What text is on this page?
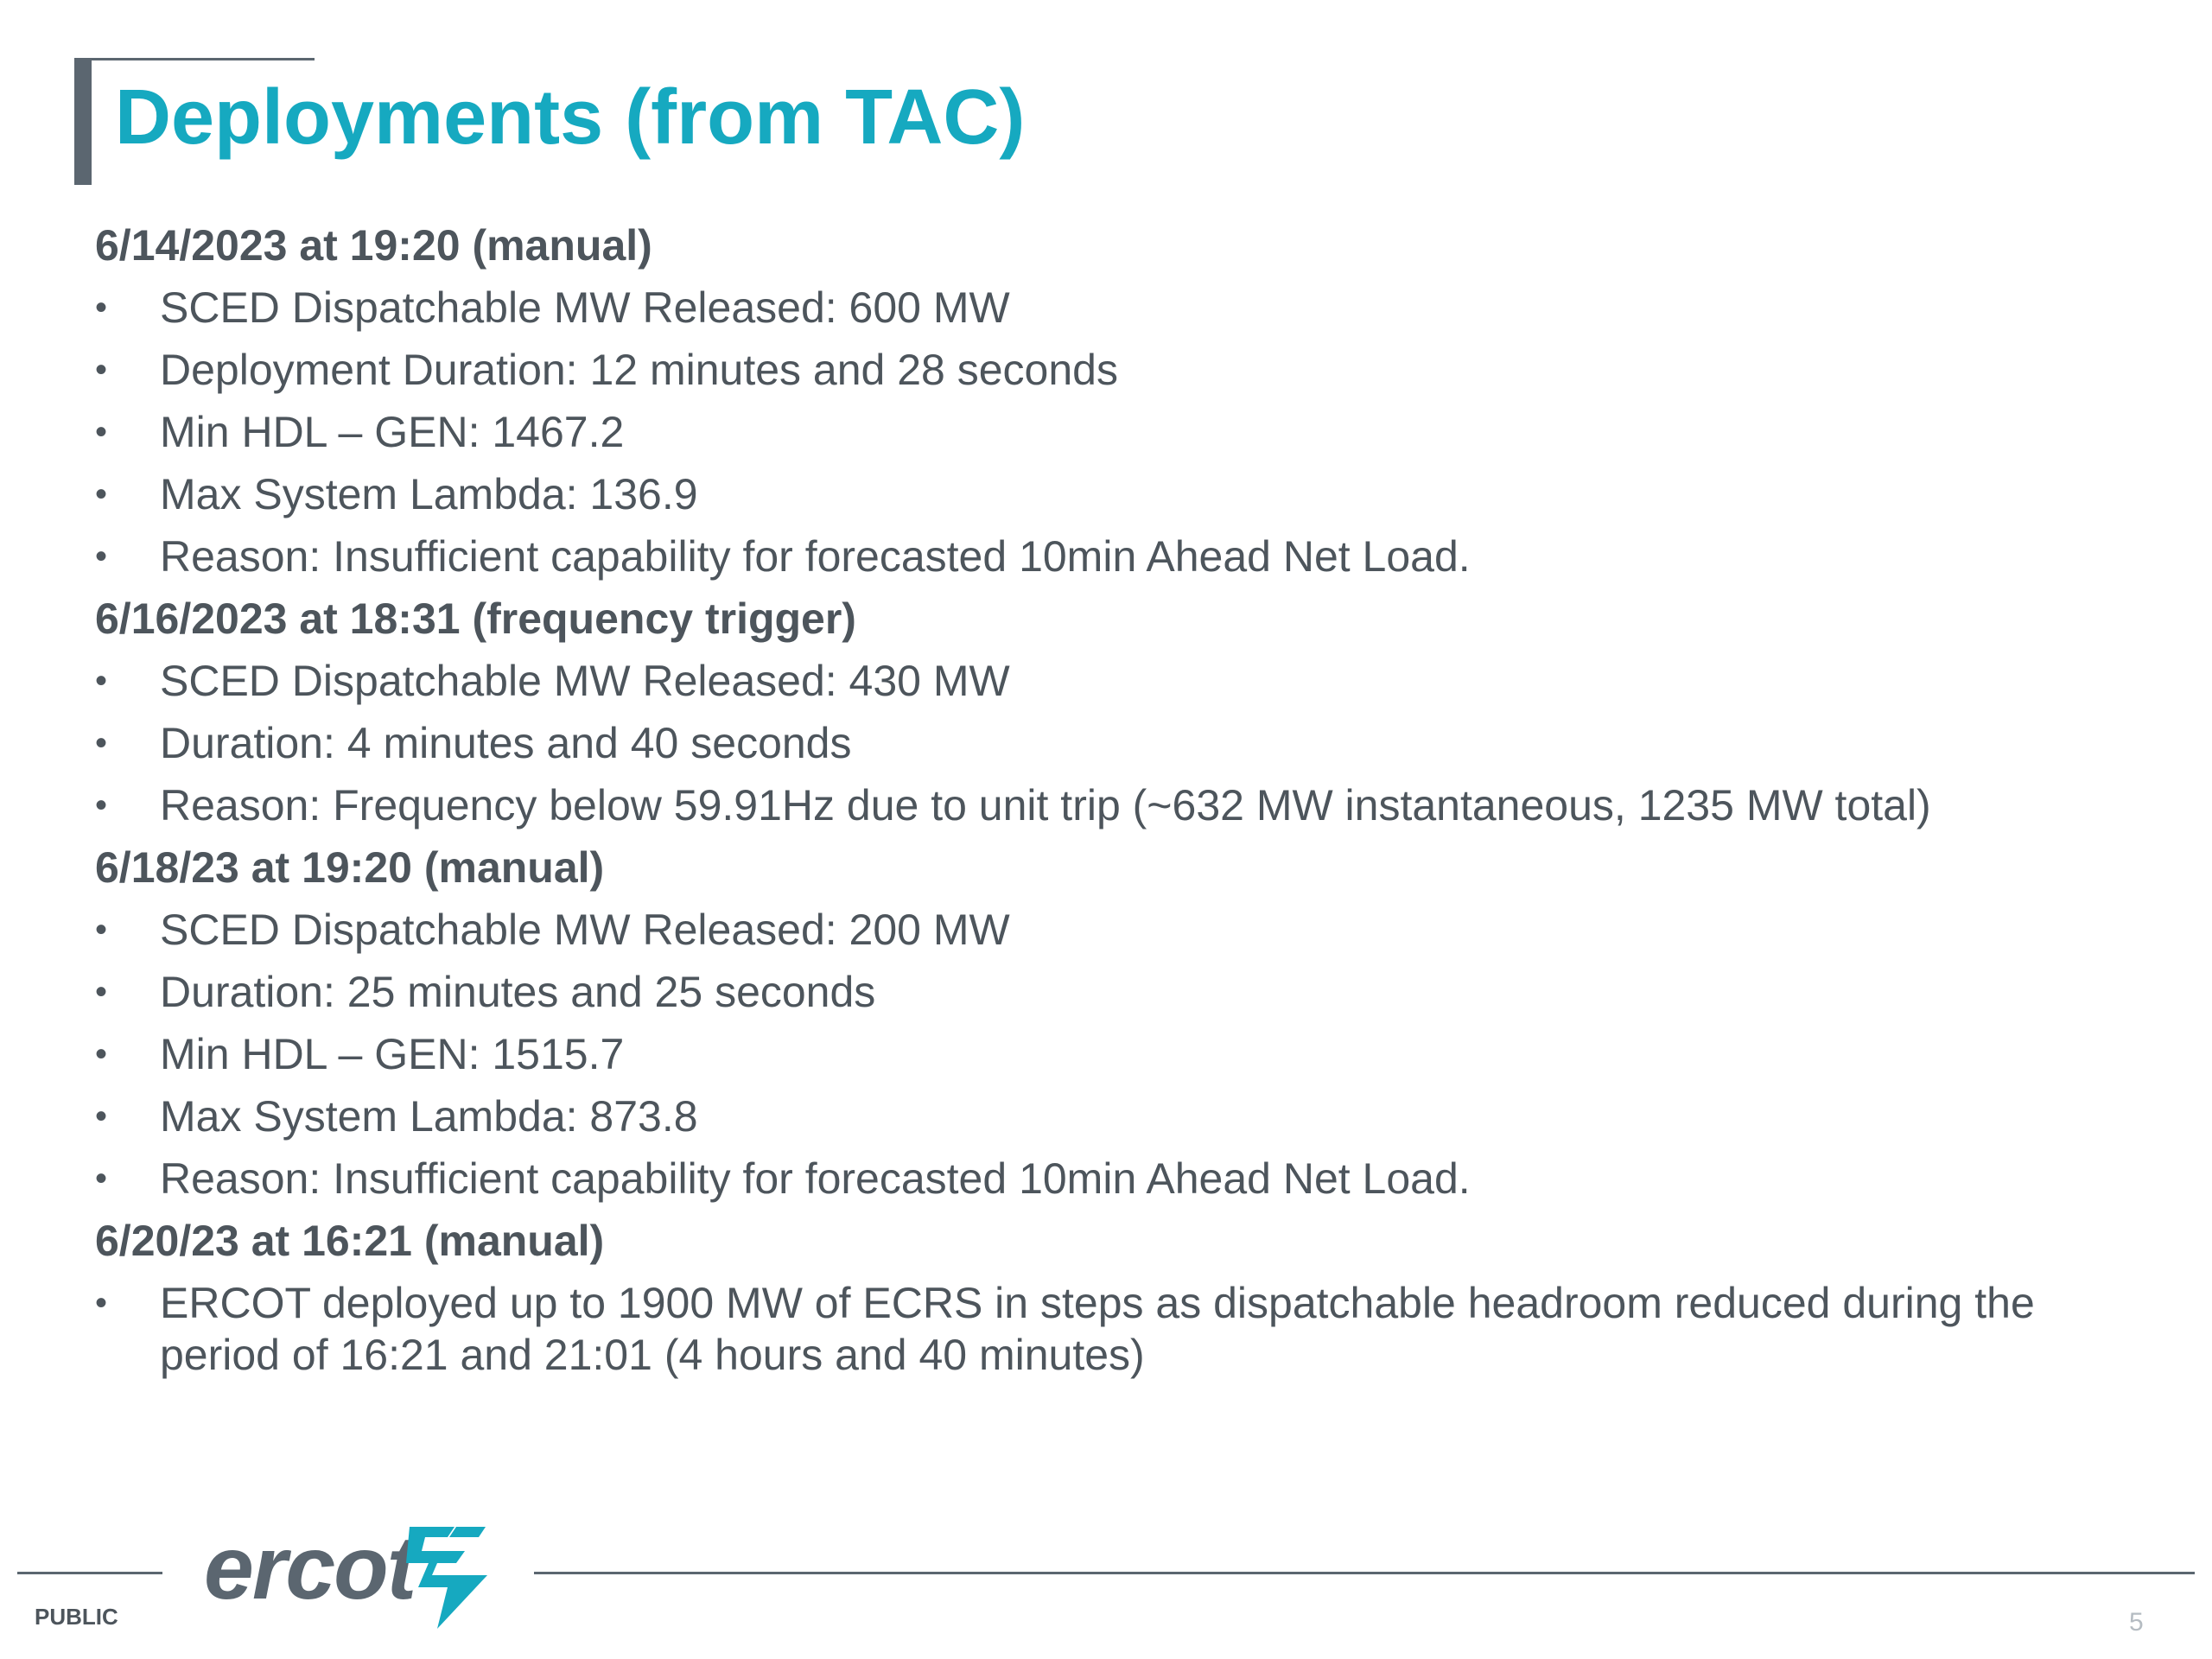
Deployments (from TAC)
6/14/2023 at 19:20 (manual)
• SCED Dispatchable MW Released: 600 MW
• Deployment Duration: 12 minutes and 28 seconds
• Min HDL – GEN: 1467.2
• Max System Lambda: 136.9
• Reason: Insufficient capability for forecasted 10min Ahead Net Load.
6/16/2023 at 18:31 (frequency trigger)
• SCED Dispatchable MW Released: 430 MW
• Duration: 4 minutes and 40 seconds
• Reason: Frequency below 59.91Hz due to unit trip (~632 MW instantaneous, 1235 MW total)
6/18/23 at 19:20 (manual)
• SCED Dispatchable MW Released: 200 MW
• Duration: 25 minutes and 25 seconds
• Min HDL – GEN: 1515.7
• Max System Lambda: 873.8
• Reason: Insufficient capability for forecasted 10min Ahead Net Load.
6/20/23 at 16:21 (manual)
• ERCOT deployed up to 1900 MW of ECRS in steps as dispatchable headroom reduced during the period of 16:21 and 21:01 (4 hours and 40 minutes)
ercot
PUBLIC	5
